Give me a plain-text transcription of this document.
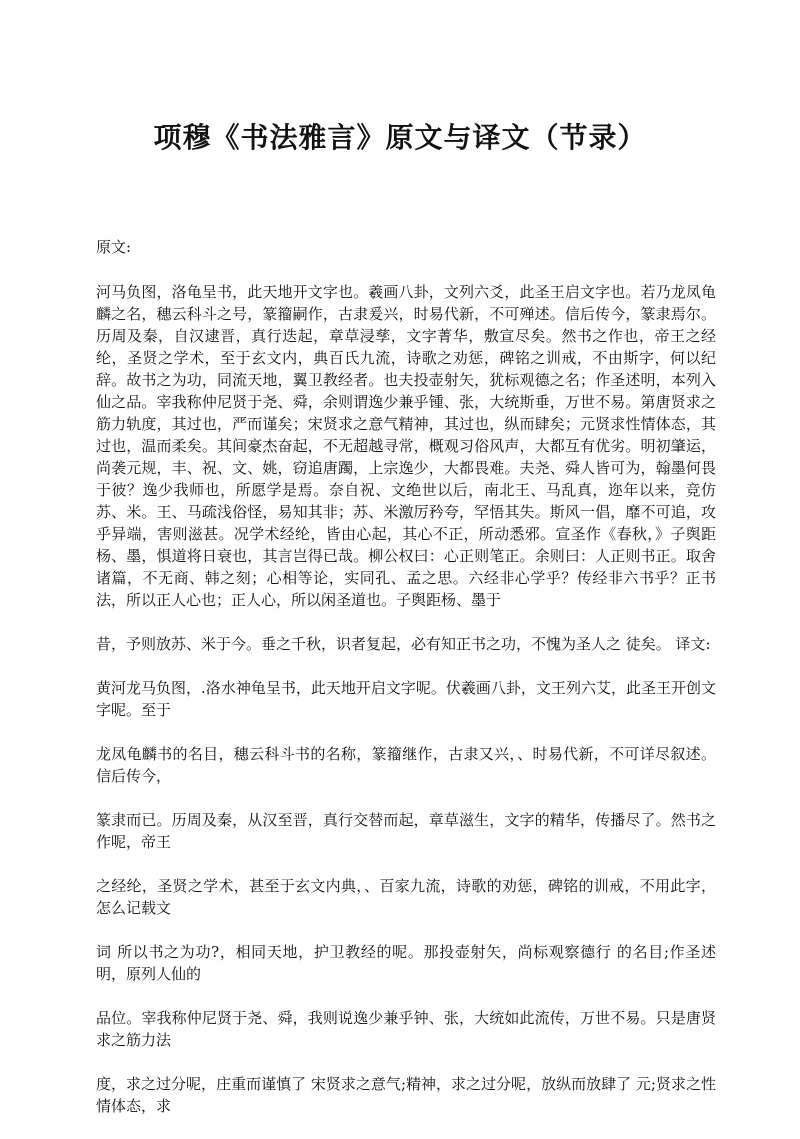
项穆《书法雅言》原文与译文（节录）

原文:

河马负图，洛龟呈书，此天地开文字也。羲画八卦，文列六爻，此圣王启文字也。若乃龙凤龟麟之名，穗云科斗之号，篆籀嗣作，古隶爰兴，时易代新，不可殚述。信后传今，篆隶焉尔。历周及秦，自汉逮晋，真行迭起，章草浸孳，文字菁华，敷宣尽矣。然书之作也，帝王之经纶，圣贤之学术，至于玄文内，典百氏九流，诗歌之劝惩，碑铭之训戒，不由斯字，何以纪辞。故书之为功，同流天地，翼卫教经者。也夫投壶射矢，犹标观德之名；作圣述明，本列入仙之品。宰我称仲尼贤于尧、舜，余则谓逸少兼乎锺、张，大统斯垂，万世不易。第唐贤求之筋力轨度，其过也，严而谨矣；宋贤求之意气精神，其过也，纵而肆矣；元贤求性情体态，其过也，温而柔矣。其间豪杰奋起，不无超越寻常，概观习俗风声，大都互有优劣。明初肇运，尚袭元规，丰、祝、文、姚，窃追唐躅，上宗逸少，大都畏难。夫尧、舜人皆可为，翰墨何畏于彼？逸少我师也，所愿学是焉。奈自祝、文绝世以后，南北王、马乱真，迩年以来，竞仿苏、米。王、马疏浅俗怪，易知其非；苏、米激厉矜夸，罕悟其失。斯风一倡，靡不可追，攻乎异端，害则滋甚。况学术经纶，皆由心起，其心不正，所动悉邪。宣圣作《春秋，》子舆距杨、墨，惧道将日衰也，其言岂得已哉。柳公权曰：心正则笔正。余则曰：人正则书正。取舍诸篇，不无商、韩之刻；心相等论，实同孔、孟之思。六经非心学乎？传经非六书乎？正书法，所以正人心也；正人心，所以闲圣道也。子舆距杨、墨于

昔，予则放苏、米于今。垂之千秋，识者复起，必有知正书之功，不愧为圣人之 徒矣。 译文:

黄河龙马负图，.洛水神龟呈书，此天地开启文字呢。伏羲画八卦，文王列六艾，此圣王开创文字呢。至于

龙凤龟麟书的名目，穗云科斗书的名称，篆籀继作，古隶又兴，、时易代新，不可详尽叙述。信后传今，

篆隶而已。历周及秦，从汉至晋，真行交替而起，章草滋生，文字的精华，传播尽了。然书之作呢，帝王

之经纶，圣贤之学术，甚至于玄文内典，、百家九流，诗歌的劝惩，碑铭的训戒，不用此字，怎么记载文

词 所以书之为功?，相同天地，护卫教经的呢。那投壶射矢，尚标观察德行 的名目;作圣述明，原列人仙的

品位。宰我称仲尼贤于尧、舜，我则说逸少兼乎钟、张，大统如此流传，万世不易。只是唐贤求之筋力法

度，求之过分呢，庄重而谨慎了 宋贤求之意气;精神，求之过分呢，放纵而放肆了 元;贤求之性情体态，求
